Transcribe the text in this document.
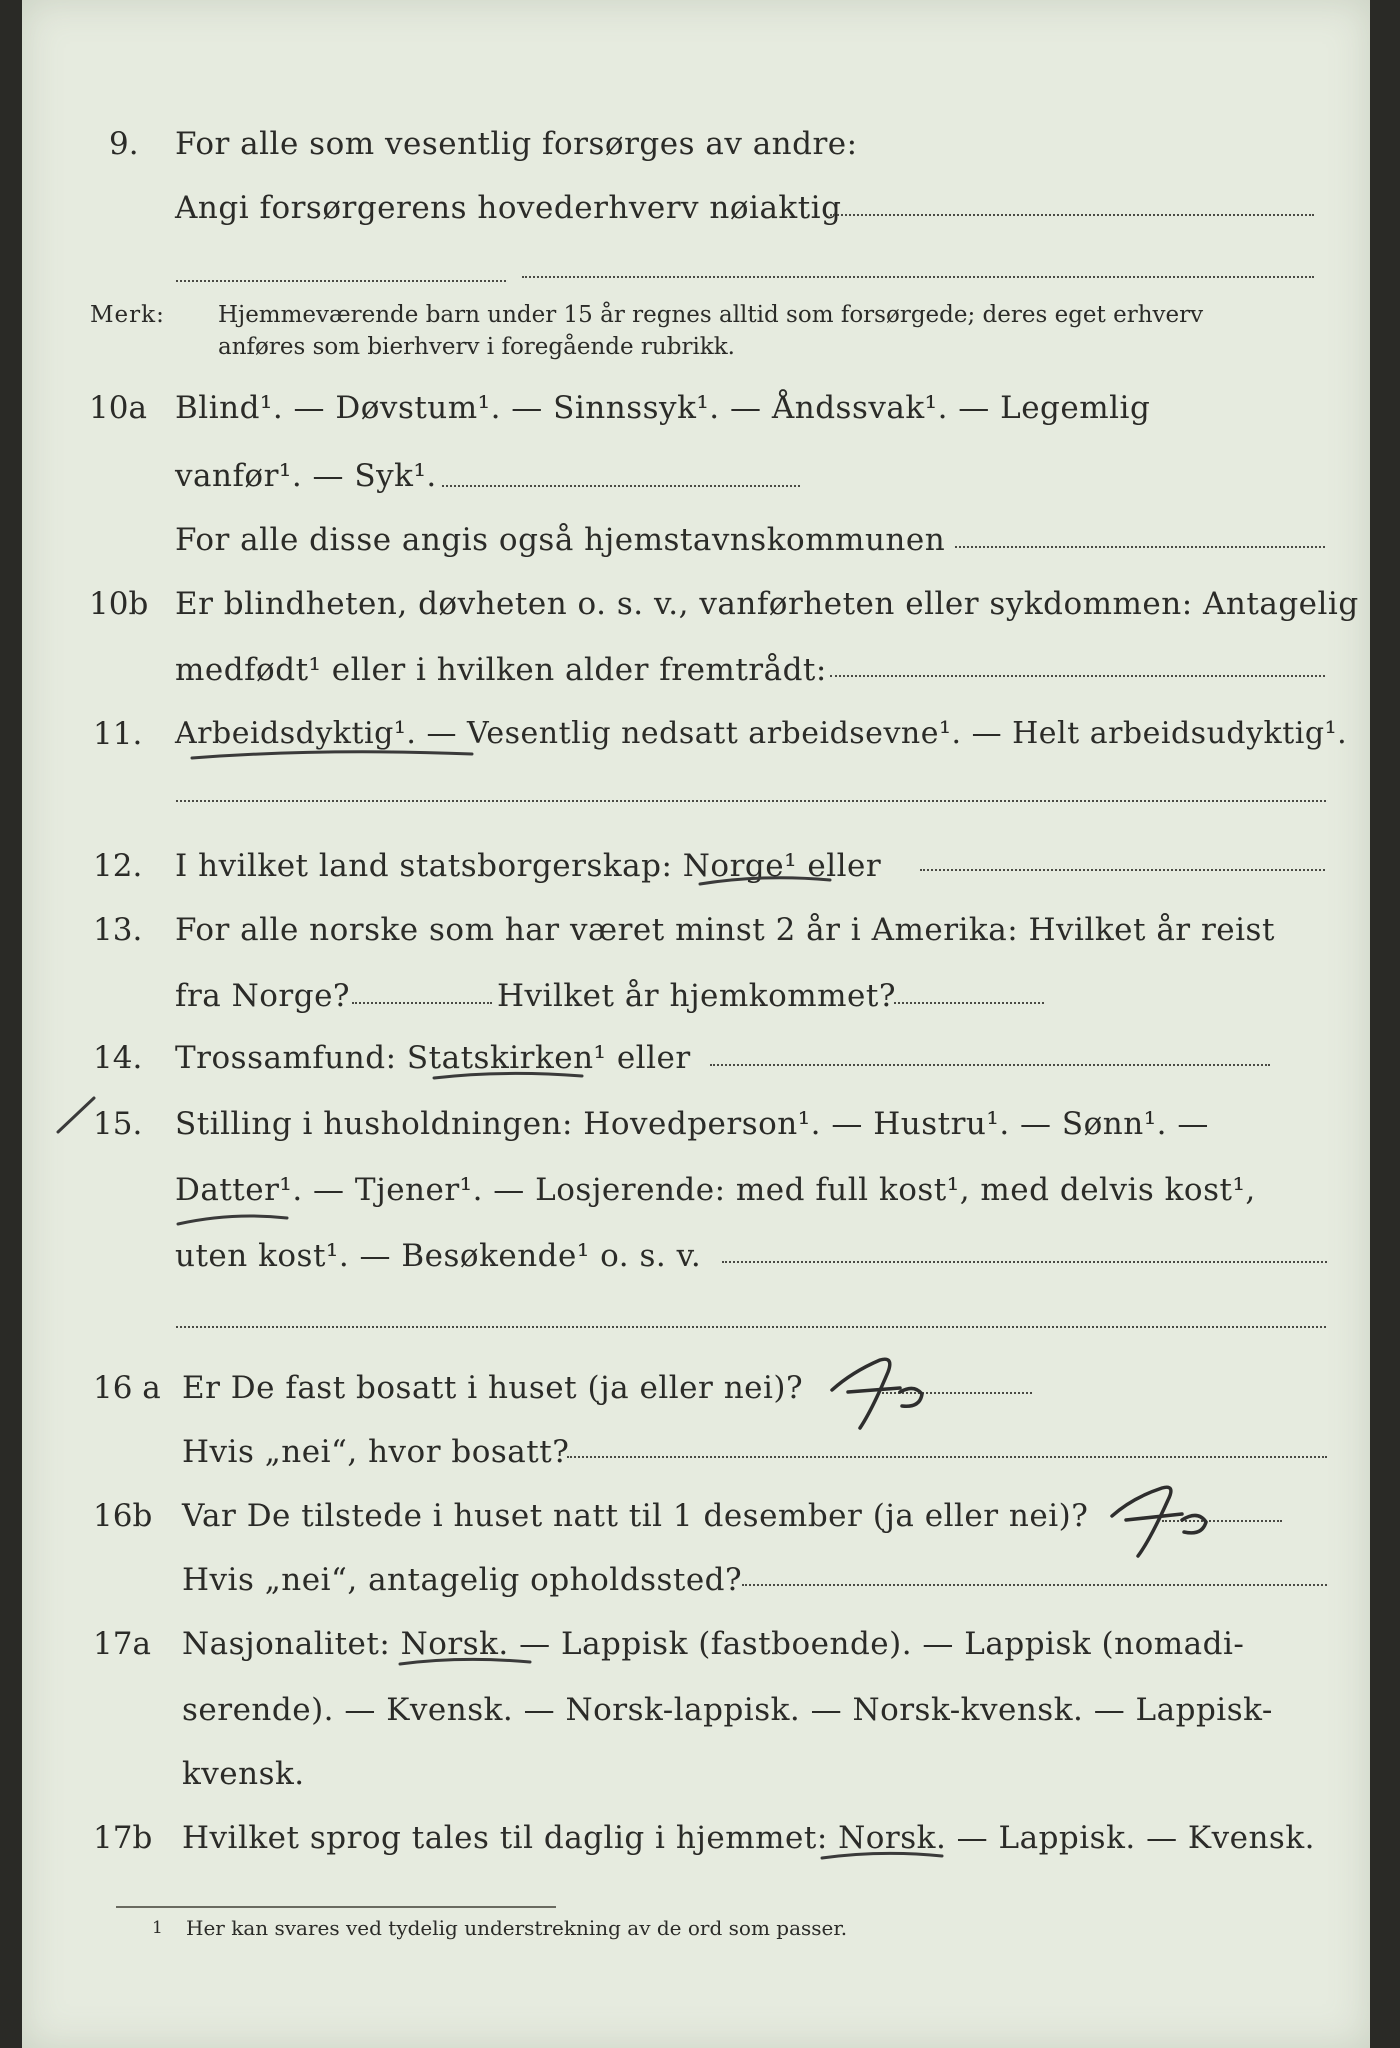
9. For alle som vesentlig forsørges av andre:
Angi forsørgerens hovederhverv nøiaktig
Merk: Hjemmeværende barn under 15 år regnes alltid som forsørgede; deres eget erhverv
anføres som bierhverv i foregående rubrikk.
10a Blind¹. — Døvstum¹. — Sinnssyk¹. — Åndssvak¹. — Legemlig
vanfør¹. — Syk¹.
For alle disse angis også hjemstavnskommunen
10b Er blindheten, døvheten o. s. v., vanførheten eller sykdommen: Antagelig
medfødt¹ eller i hvilken alder fremtrådt:
11. Arbeidsdyktig¹. — Vesentlig nedsatt arbeidsevne¹. — Helt arbeidsudyktig¹.
12. I hvilket land statsborgerskap: Norge¹ eller
13. For alle norske som har været minst 2 år i Amerika: Hvilket år reist
fra Norge?	Hvilket år hjemkommet?
14. Trossamfund: Statskirken¹ eller
15. Stilling i husholdningen: Hovedperson¹. — Hustru¹. — Sønn¹. —
Datter¹. — Tjener¹. — Losjerende: med full kost¹, med delvis kost¹,
uten kost¹. — Besøkende¹ o. s. v.
16 a Er De fast bosatt i huset (ja eller nei)?
Hvis „nei“, hvor bosatt?
16b Var De tilstede i huset natt til 1 desember (ja eller nei)?
Hvis „nei“, antagelig opholdssted?
17a Nasjonalitet: Norsk. — Lappisk (fastboende). — Lappisk (nomadi-
serende). — Kvensk. — Norsk-lappisk. — Norsk-kvensk. — Lappisk-
kvensk.
17b Hvilket sprog tales til daglig i hjemmet: Norsk. — Lappisk. — Kvensk.
1 Her kan svares ved tydelig understrekning av de ord som passer.
